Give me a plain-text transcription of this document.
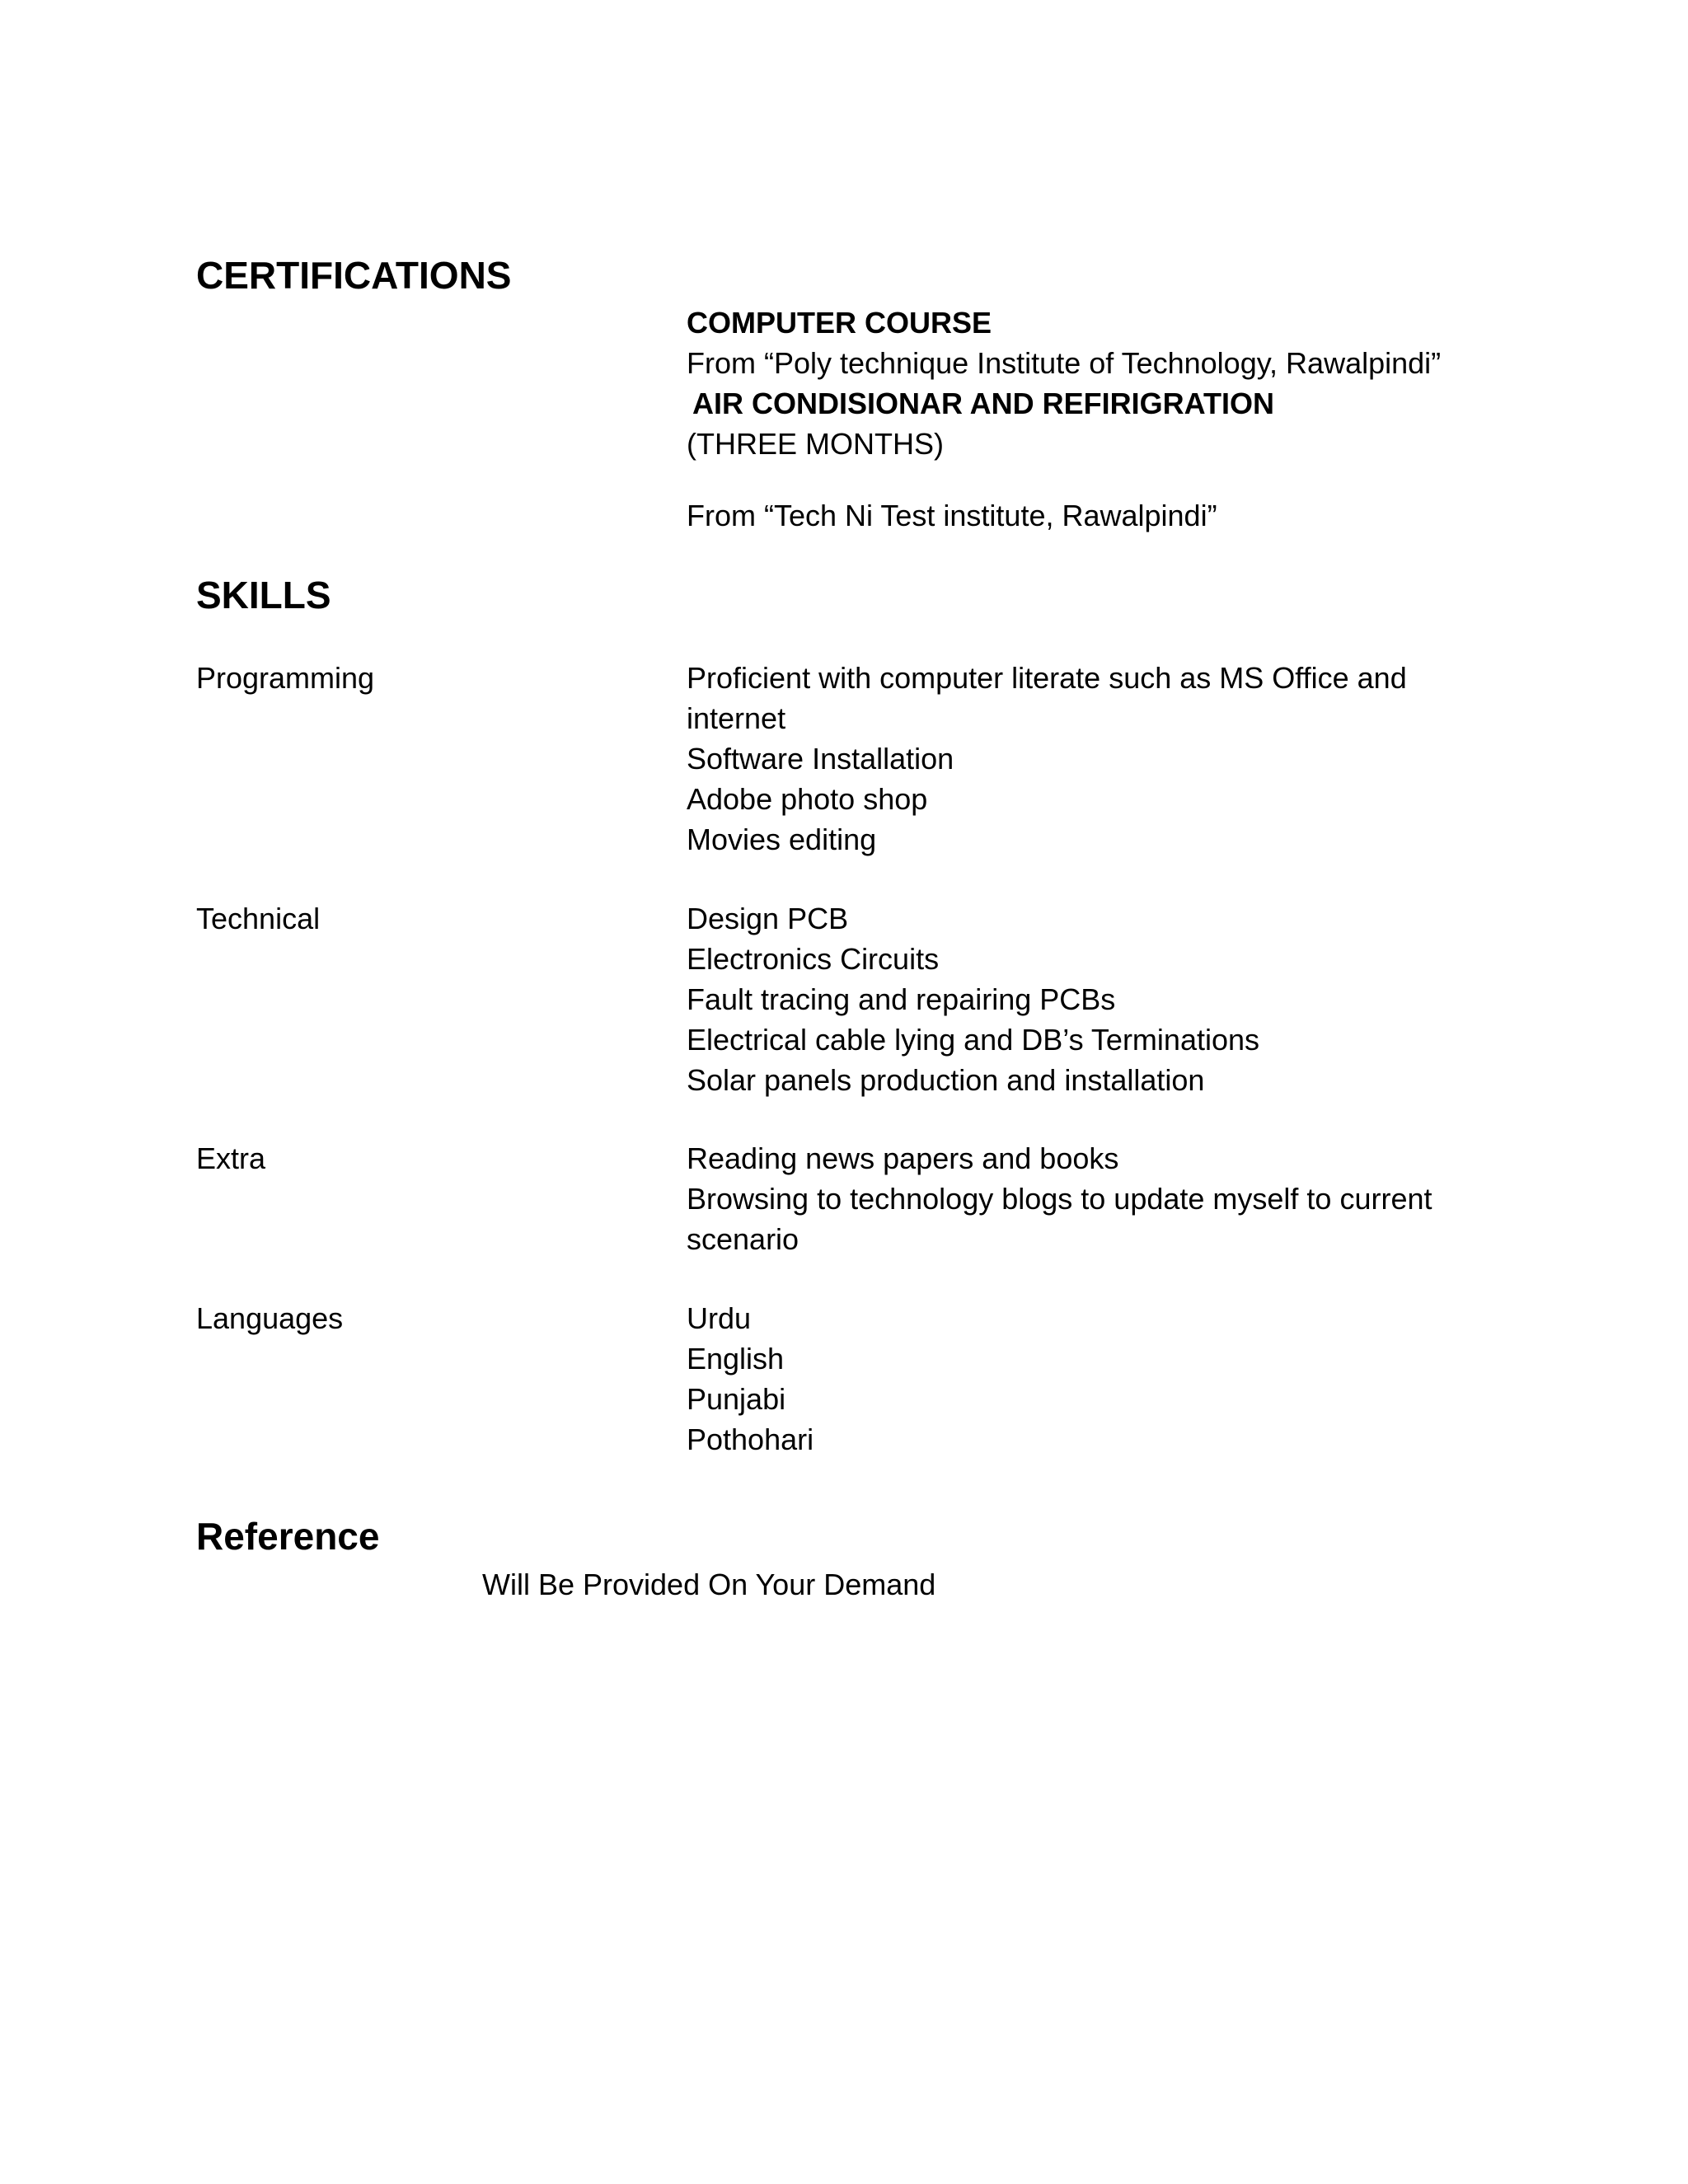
CERTIFICATIONS
COMPUTER COURSE
From “Poly technique Institute of Technology, Rawalpindi”
AIR CONDISIONAR AND REFIRIGRATION
(THREE MONTHS)
From “Tech Ni Test institute, Rawalpindi”
SKILLS
Programming	Proficient with computer literate such as MS Office and internet
Software Installation
Adobe photo shop
Movies editing
Technical	Design PCB
Electronics Circuits
Fault tracing and repairing PCBs
Electrical cable lying and DB’s Terminations
Solar panels production and installation
Extra	Reading news papers and books
Browsing to technology blogs to update myself to current scenario
Languages	Urdu
English
Punjabi
Pothohari
Reference
Will Be Provided On Your Demand
